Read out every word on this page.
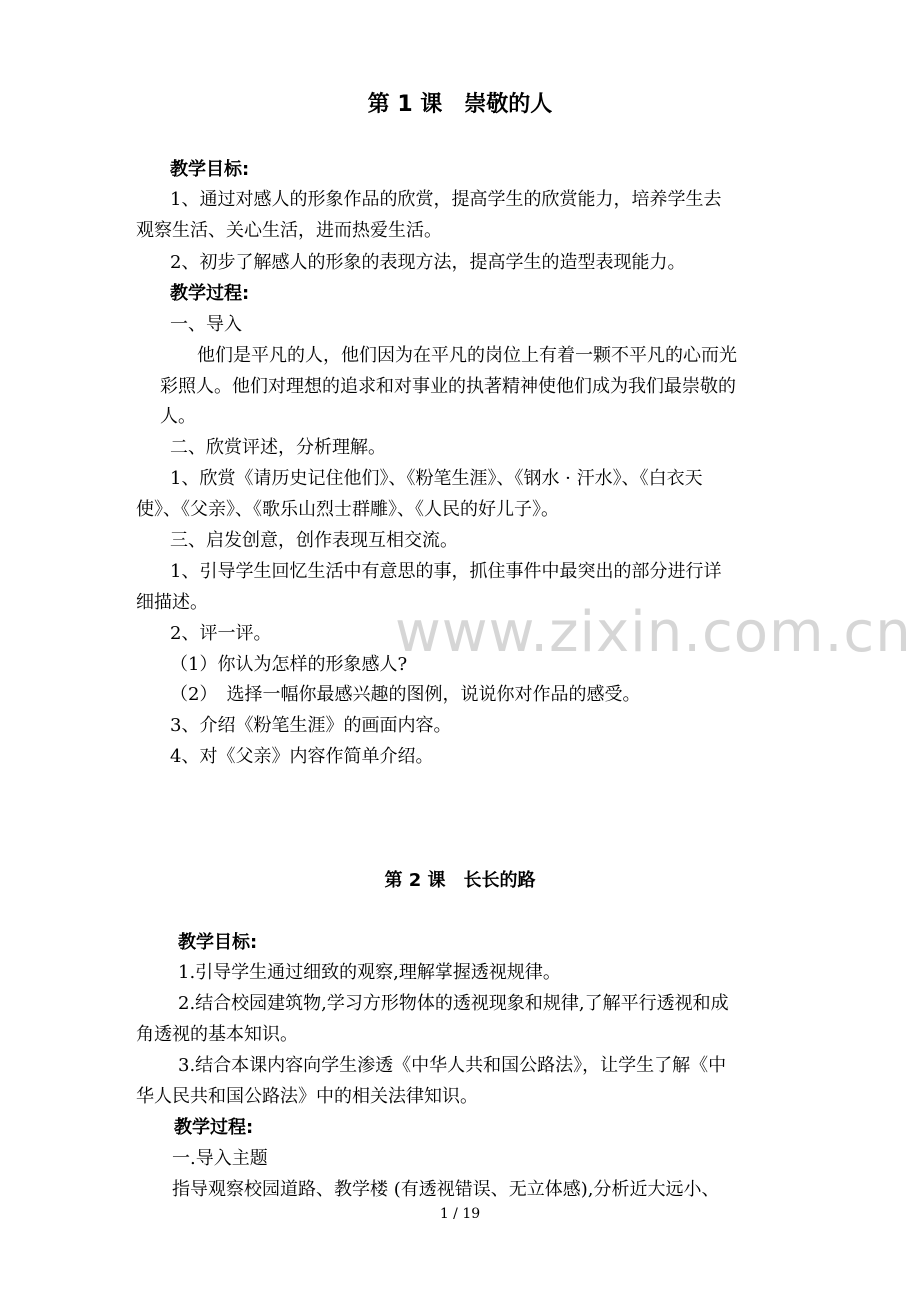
第 1 课　崇敬的人
教学目标:
1、通过对感人的形象作品的欣赏，提高学生的欣赏能力，培养学生去
观察生活、关心生活，进而热爱生活。
2、初步了解感人的形象的表现方法，提高学生的造型表现能力。
教学过程:
一、导入
他们是平凡的人，他们因为在平凡的岗位上有着一颗不平凡的心而光
彩照人。他们对理想的追求和对事业的执著精神使他们成为我们最崇敬的
人。
二、欣赏评述，分析理解。
1、欣赏《请历史记住他们》、《粉笔生涯》、《钢水 · 汗水》、《白衣天
使》、《父亲》、《歌乐山烈士群雕》、《人民的好儿子》。
三、启发创意，创作表现互相交流。
1、引导学生回忆生活中有意思的事，抓住事件中最突出的部分进行详
细描述。
2、评一评。
（1）你认为怎样的形象感人?
（2）　选择一幅你最感兴趣的图例，说说你对作品的感受。
3、介绍《粉笔生涯》的画面内容。
4、对《父亲》内容作简单介绍。
www.zixin.com.cn
第 2 课　长长的路
教学目标:
1.引导学生通过细致的观察,理解掌握透视规律。
2.结合校园建筑物,学习方形物体的透视现象和规律,了解平行透视和成
角透视的基本知识。
3.结合本课内容向学生渗透《中华人共和国公路法》，让学生了解《中
华人民共和国公路法》中的相关法律知识。
教学过程:
一.导入主题
指导观察校园道路、教学楼 (有透视错误、无立体感),分析近大远小、
1 / 19
